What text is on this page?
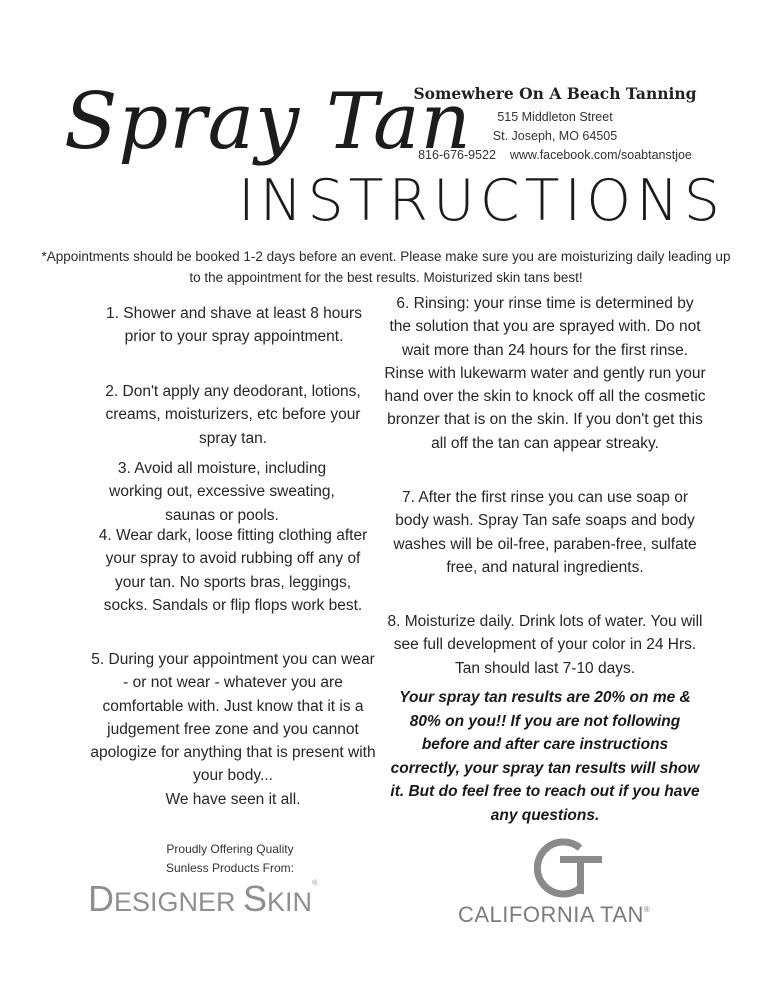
Spray Tan
Somewhere On A Beach Tanning
515 Middleton Street
St. Joseph, MO 64505
816-676-9522    www.facebook.com/soabtanstjoe
INSTRUCTIONS
*Appointments should be booked 1-2 days before an event. Please make sure you are moisturizing daily leading up to the appointment for the best results. Moisturized skin tans best!
1. Shower and shave at least 8 hours prior to your spray appointment.
2. Don't apply any deodorant, lotions, creams, moisturizers, etc before your spray tan.
3. Avoid all moisture, including working out, excessive sweating, saunas or pools.
4. Wear dark, loose fitting clothing after your spray to avoid rubbing off any of your tan. No sports bras, leggings, socks. Sandals or flip flops work best.
5. During your appointment you can wear - or not wear - whatever you are comfortable with. Just know that it is a judgement free zone and you cannot apologize for anything that is present with your body...
We have seen it all.
6. Rinsing: your rinse time is determined by the solution that you are sprayed with. Do not wait more than 24 hours for the first rinse. Rinse with lukewarm water and gently run your hand over the skin to knock off all the cosmetic bronzer that is on the skin. If you don't get this all off the tan can appear streaky.
7. After the first rinse you can use soap or body wash. Spray Tan safe soaps and body washes will be oil-free, paraben-free, sulfate free, and natural ingredients.
8. Moisturize daily. Drink lots of water. You will see full development of your color in 24 Hrs. Tan should last 7-10 days.
Your spray tan results are 20% on me & 80% on you!! If you are not following before and after care instructions correctly, your spray tan results will show it. But do feel free to reach out if you have any questions.
Proudly Offering Quality
Sunless Products From:
DESIGNER SKIN®
CALIFORNIA TAN®
